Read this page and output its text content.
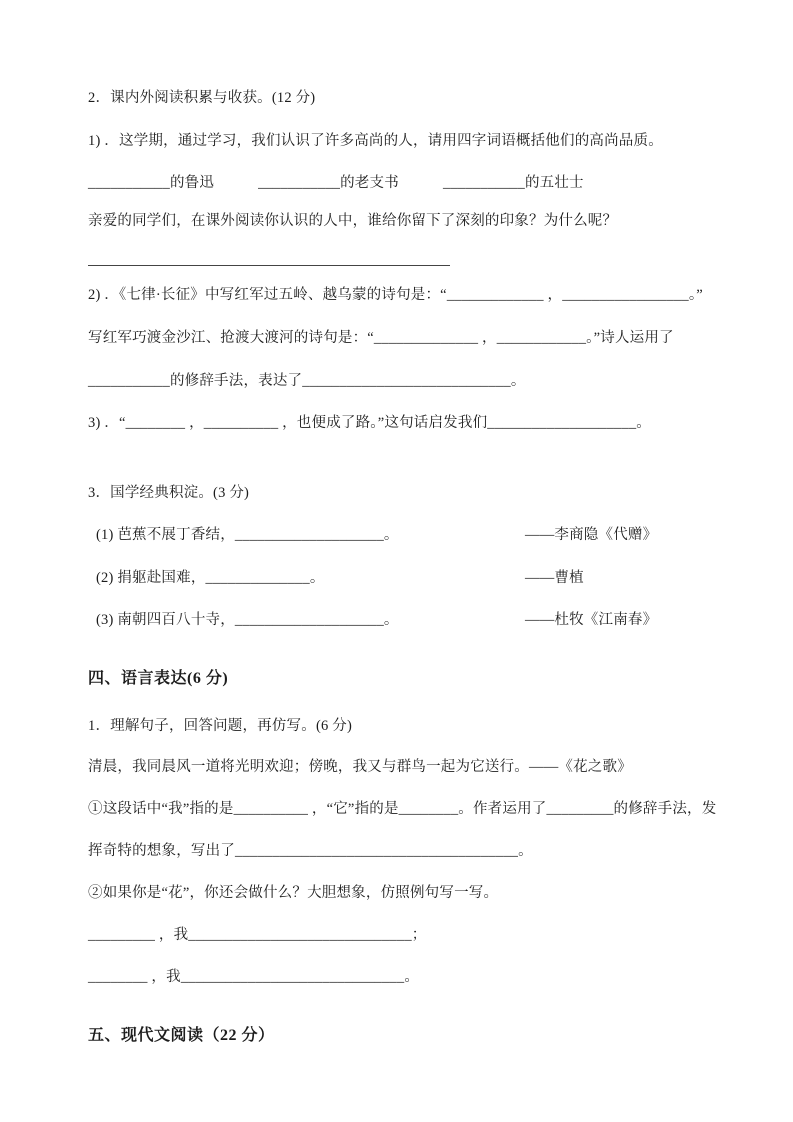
2．课内外阅读积累与收获。(12 分)
1) ．这学期，通过学习，我们认识了许多高尚的人，请用四字词语概括他们的高尚品质。
___________的鲁迅　　　___________的老支书　　　___________的五壮士
亲爱的同学们，在课外阅读你认识的人中，谁给你留下了深刻的印象？为什么呢？
2) ．《七律·长征》中写红军过五岭、越乌蒙的诗句是：“_____________ ，_________________。”
写红军巧渡金沙江、抢渡大渡河的诗句是：“______________ ，____________。”诗人运用了
___________的修辞手法，表达了____________________________。
3) ．“________ ，__________ ，也便成了路。”这句话启发我们____________________。
3．国学经典积淀。(3 分)
(1) 芭蕉不展丁香结，____________________。	——李商隐《代赠》
(2) 捐躯赴国难，______________。	——曹植
(3) 南朝四百八十寺，____________________。	——杜牧《江南春》
四、语言表达(6 分)
1．理解句子，回答问题，再仿写。(6 分)
清晨，我同晨风一道将光明欢迎；傍晚，我又与群鸟一起为它送行。——《花之歌》
①这段话中“我”指的是__________ ，“它”指的是________。作者运用了_________的修辞手法，发
挥奇特的想象，写出了______________________________________。
②如果你是“花”，你还会做什么？大胆想象，仿照例句写一写。
_________ ，我______________________________；
________ ，我______________________________。
五、现代文阅读（22 分）
